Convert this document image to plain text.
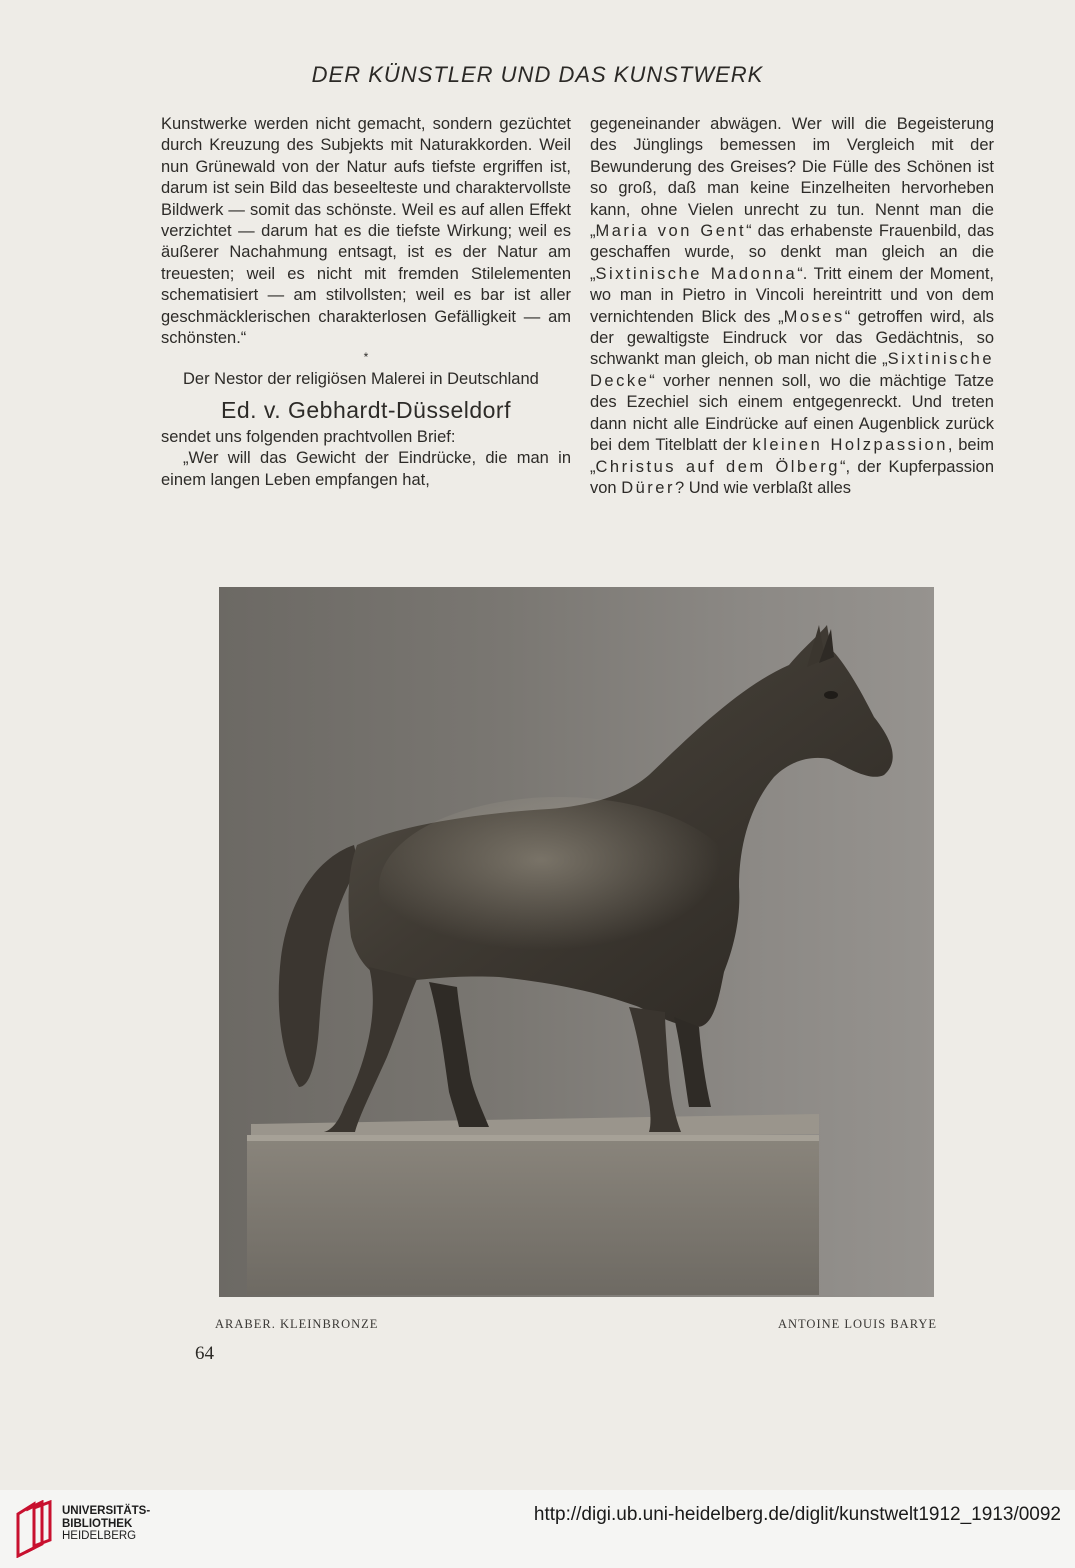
DER KÜNSTLER UND DAS KUNSTWERK

Kunstwerke werden nicht gemacht, sondern gezüchtet durch Kreuzung des Subjekts mit Naturakkorden. Weil nun Grünewald von der Natur aufs tiefste ergriffen ist, darum ist sein Bild das beseelteste und charaktervollste Bildwerk — somit das schönste. Weil es auf allen Effekt verzichtet — darum hat es die tiefste Wirkung; weil es äußerer Nachahmung entsagt, ist es der Natur am treuesten; weil es nicht mit fremden Stilelementen schematisiert — am stilvollsten; weil es bar ist aller geschmäcklerischen charakterlosen Gefälligkeit — am schönsten.“

*

Der Nestor der religiösen Malerei in Deutschland

Ed. v. Gebhardt-Düsseldorf

sendet uns folgenden prachtvollen Brief:

„Wer will das Gewicht der Eindrücke, die man in einem langen Leben empfangen hat,

gegeneinander abwägen. Wer will die Begeisterung des Jünglings bemessen im Vergleich mit der Bewunderung des Greises? Die Fülle des Schönen ist so groß, daß man keine Einzelheiten hervorheben kann, ohne Vielen unrecht zu tun. Nennt man die „Maria von Gent“ das erhabenste Frauenbild, das geschaffen wurde, so denkt man gleich an die „Sixtinische Madonna“. Tritt einem der Moment, wo man in Pietro in Vincoli hereintritt und von dem vernichtenden Blick des „Moses“ getroffen wird, als der gewaltigste Eindruck vor das Gedächtnis, so schwankt man gleich, ob man nicht die „Sixtinische Decke“ vorher nennen soll, wo die mächtige Tatze des Ezechiel sich einem entgegenreckt. Und treten dann nicht alle Eindrücke auf einen Augenblick zurück bei dem Titelblatt der kleinen Holzpassion, beim „Christus auf dem Ölberg“, der Kupferpassion von Dürer? Und wie verblaßt alles

ARABER. KLEINBRONZE	ANTOINE LOUIS BARYE
64
UNIVERSITÄTS-
BIBLIOTHEK
HEIDELBERG
http://digi.ub.uni-heidelberg.de/diglit/kunstwelt1912_1913/0092
